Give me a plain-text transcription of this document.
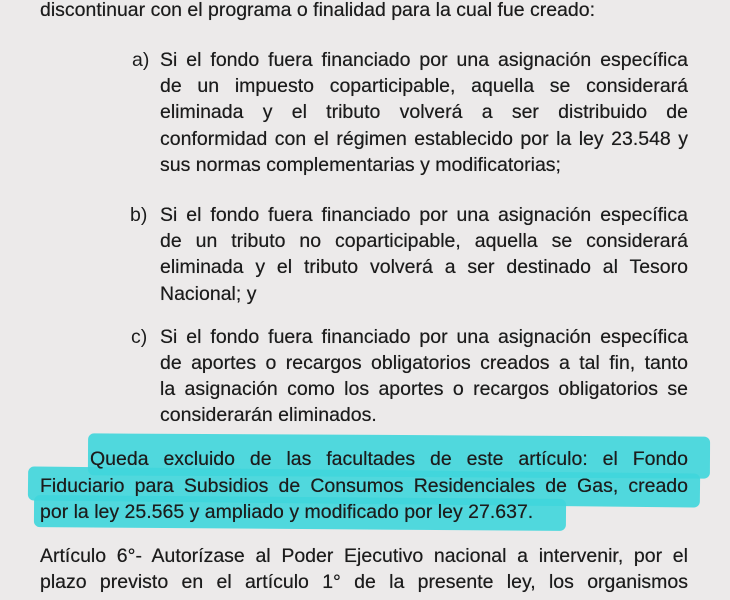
discontinuar con el programa o finalidad para la cual fue creado:
a) Si el fondo fuera financiado por una asignación específica
de un impuesto coparticipable, aquella se considerará
eliminada y el tributo volverá a ser distribuido de
conformidad con el régimen establecido por la ley 23.548 y
sus normas complementarias y modificatorias;
b) Si el fondo fuera financiado por una asignación específica
de un tributo no coparticipable, aquella se considerará
eliminada y el tributo volverá a ser destinado al Tesoro
Nacional; y
c) Si el fondo fuera financiado por una asignación específica
de aportes o recargos obligatorios creados a tal fin, tanto
la asignación como los aportes o recargos obligatorios se
considerarán eliminados.
Queda excluido de las facultades de este artículo: el Fondo
Fiduciario para Subsidios de Consumos Residenciales de Gas, creado
por la ley 25.565 y ampliado y modificado por ley 27.637.
Artículo 6°- Autorízase al Poder Ejecutivo nacional a intervenir, por el
plazo previsto en el artículo 1° de la presente ley, los organismos
